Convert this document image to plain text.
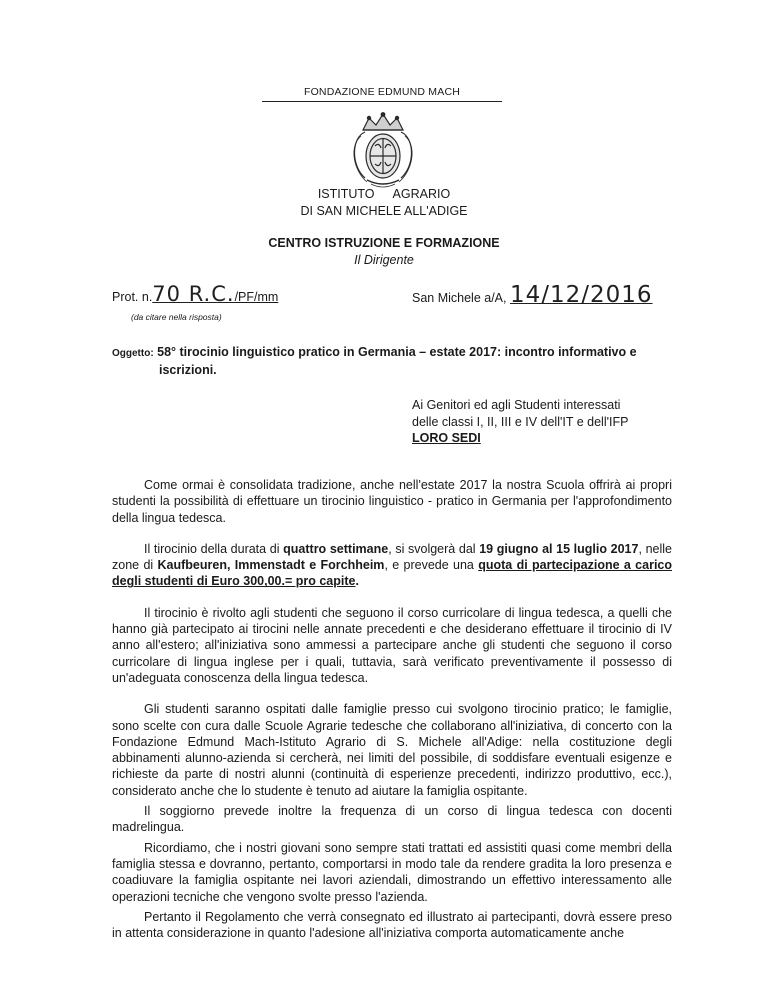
FONDAZIONE EDMUND MACH
ISTITUTO AGRARIO
DI SAN MICHELE ALL'ADIGE
CENTRO ISTRUZIONE E FORMAZIONE
Il Dirigente
Prot. n.70 R.C./PF/mm
(da citare nella risposta)
San Michele a/A, 14/12/2016
Oggetto: 58° tirocinio linguistico pratico in Germania – estate 2017: incontro informativo e
iscrizioni.
Ai Genitori ed agli Studenti interessati
delle classi I, II, III e IV dell'IT e dell'IFP
LORO SEDI

Come ormai è consolidata tradizione, anche nell'estate 2017 la nostra Scuola offrirà ai propri studenti la possibilità di effettuare un tirocinio linguistico - pratico in Germania per l'approfondimento della lingua tedesca.

Il tirocinio della durata di quattro settimane, si svolgerà dal 19 giugno al 15 luglio 2017, nelle zone di Kaufbeuren, Immenstadt e Forchheim, e prevede una quota di partecipazione a carico degli studenti di Euro 300,00.= pro capite.

Il tirocinio è rivolto agli studenti che seguono il corso curricolare di lingua tedesca, a quelli che hanno già partecipato ai tirocini nelle annate precedenti e che desiderano effettuare il tirocinio di IV anno all'estero; all'iniziativa sono ammessi a partecipare anche gli studenti che seguono il corso curricolare di lingua inglese per i quali, tuttavia, sarà verificato preventivamente il possesso di un'adeguata conoscenza della lingua tedesca.

Gli studenti saranno ospitati dalle famiglie presso cui svolgono tirocinio pratico; le famiglie, sono scelte con cura dalle Scuole Agrarie tedesche che collaborano all'iniziativa, di concerto con la Fondazione Edmund Mach-Istituto Agrario di S. Michele all'Adige: nella costituzione degli abbinamenti alunno-azienda si cercherà, nei limiti del possibile, di soddisfare eventuali esigenze e richieste da parte di nostri alunni (continuità di esperienze precedenti, indirizzo produttivo, ecc.), considerato anche che lo studente è tenuto ad aiutare la famiglia ospitante.

Il soggiorno prevede inoltre la frequenza di un corso di lingua tedesca con docenti madrelingua.

Ricordiamo, che i nostri giovani sono sempre stati trattati ed assistiti quasi come membri della famiglia stessa e dovranno, pertanto, comportarsi in modo tale da rendere gradita la loro presenza e coadiuvare la famiglia ospitante nei lavori aziendali, dimostrando un effettivo interessamento alle operazioni tecniche che vengono svolte presso l'azienda.

Pertanto il Regolamento che verrà consegnato ed illustrato ai partecipanti, dovrà essere preso in attenta considerazione in quanto l'adesione all'iniziativa comporta automaticamente anche
